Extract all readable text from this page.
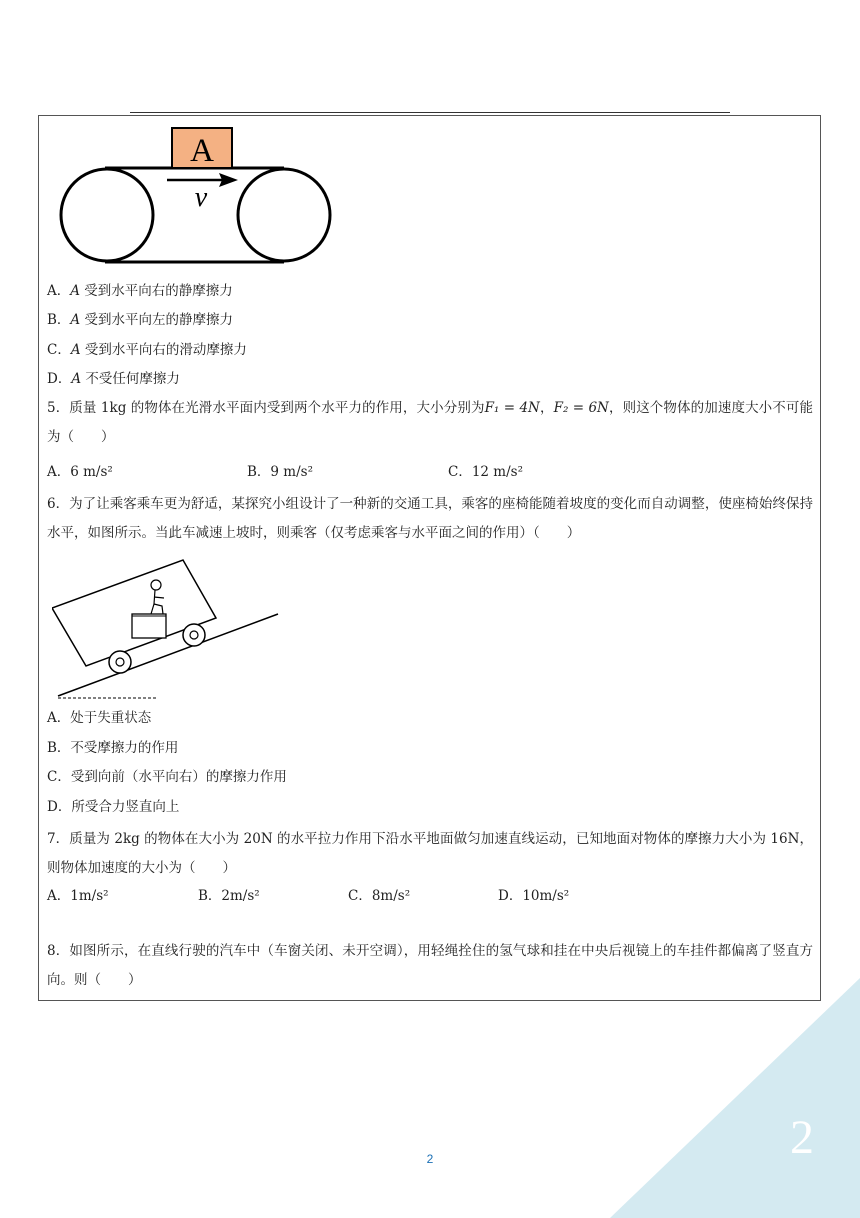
A
v
A．A 受到水平向右的静摩擦力
B．A 受到水平向左的静摩擦力
C．A 受到水平向右的滑动摩擦力
D．A 不受任何摩擦力
5．质量 1kg 的物体在光滑水平面内受到两个水平力的作用，大小分别为F₁ = 4N，F₂ = 6N，则这个物体的加速度大小不可能为（　　）
A．6 m/s²	B．9 m/s²	C．12 m/s²
6．为了让乘客乘车更为舒适，某探究小组设计了一种新的交通工具，乘客的座椅能随着坡度的变化而自动调整，使座椅始终保持水平，如图所示。当此车减速上坡时，则乘客（仅考虑乘客与水平面之间的作用）（　　）
A．处于失重状态
B．不受摩擦力的作用
C．受到向前（水平向右）的摩擦力作用
D．所受合力竖直向上
7．质量为 2kg 的物体在大小为 20N 的水平拉力作用下沿水平地面做匀加速直线运动，已知地面对物体的摩擦力大小为 16N，则物体加速度的大小为（　　）
A．1m/s²	B．2m/s²	C．8m/s²	D．10m/s²
8．如图所示，在直线行驶的汽车中（车窗关闭、未开空调），用轻绳拴住的氢气球和挂在中央后视镜上的车挂件都偏离了竖直方向。则（　　）
2
2
